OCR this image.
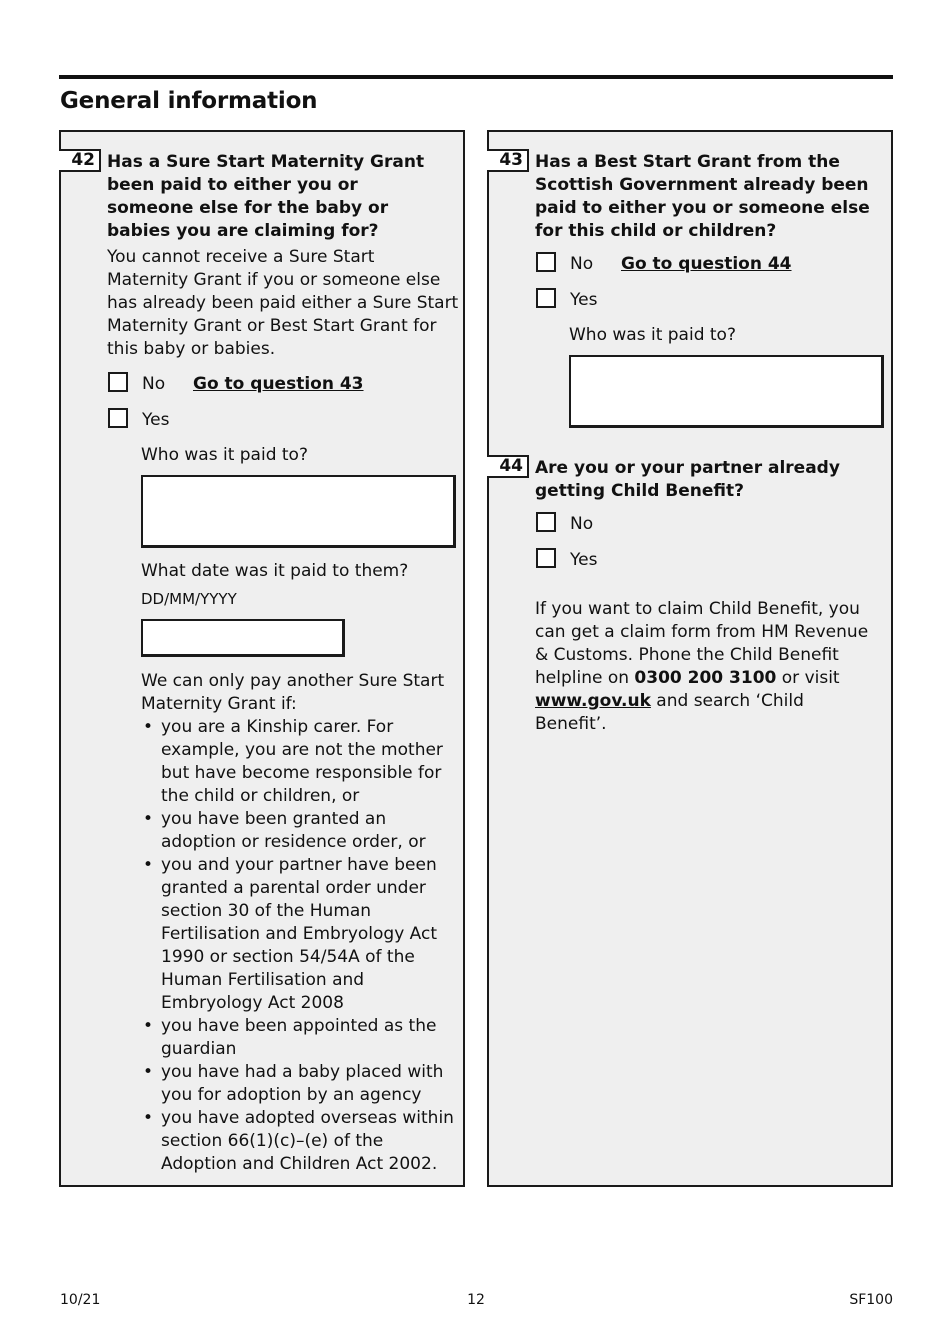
General information
42 Has a Sure Start Maternity Grant been paid to either you or someone else for the baby or babies you are claiming for?
You cannot receive a Sure Start Maternity Grant if you or someone else has already been paid either a Sure Start Maternity Grant or Best Start Grant for this baby or babies.
No Go to question 43
Yes
Who was it paid to?
What date was it paid to them?
DD/MM/YYYY
We can only pay another Sure Start Maternity Grant if:
• you are a Kinship carer. For example, you are not the mother but have become responsible for the child or children, or
• you have been granted an adoption or residence order, or
• you and your partner have been granted a parental order under section 30 of the Human Fertilisation and Embryology Act 1990 or section 54/54A of the Human Fertilisation and Embryology Act 2008
• you have been appointed as the guardian
• you have had a baby placed with you for adoption by an agency
• you have adopted overseas within section 66(1)(c)–(e) of the Adoption and Children Act 2002.
43 Has a Best Start Grant from the Scottish Government already been paid to either you or someone else for this child or children?
No Go to question 44
Yes
Who was it paid to?
44 Are you or your partner already getting Child Benefit?
No
Yes
If you want to claim Child Benefit, you can get a claim form from HM Revenue & Customs. Phone the Child Benefit helpline on 0300 200 3100 or visit www.gov.uk and search ‘Child Benefit’.
10/21	12	SF100
